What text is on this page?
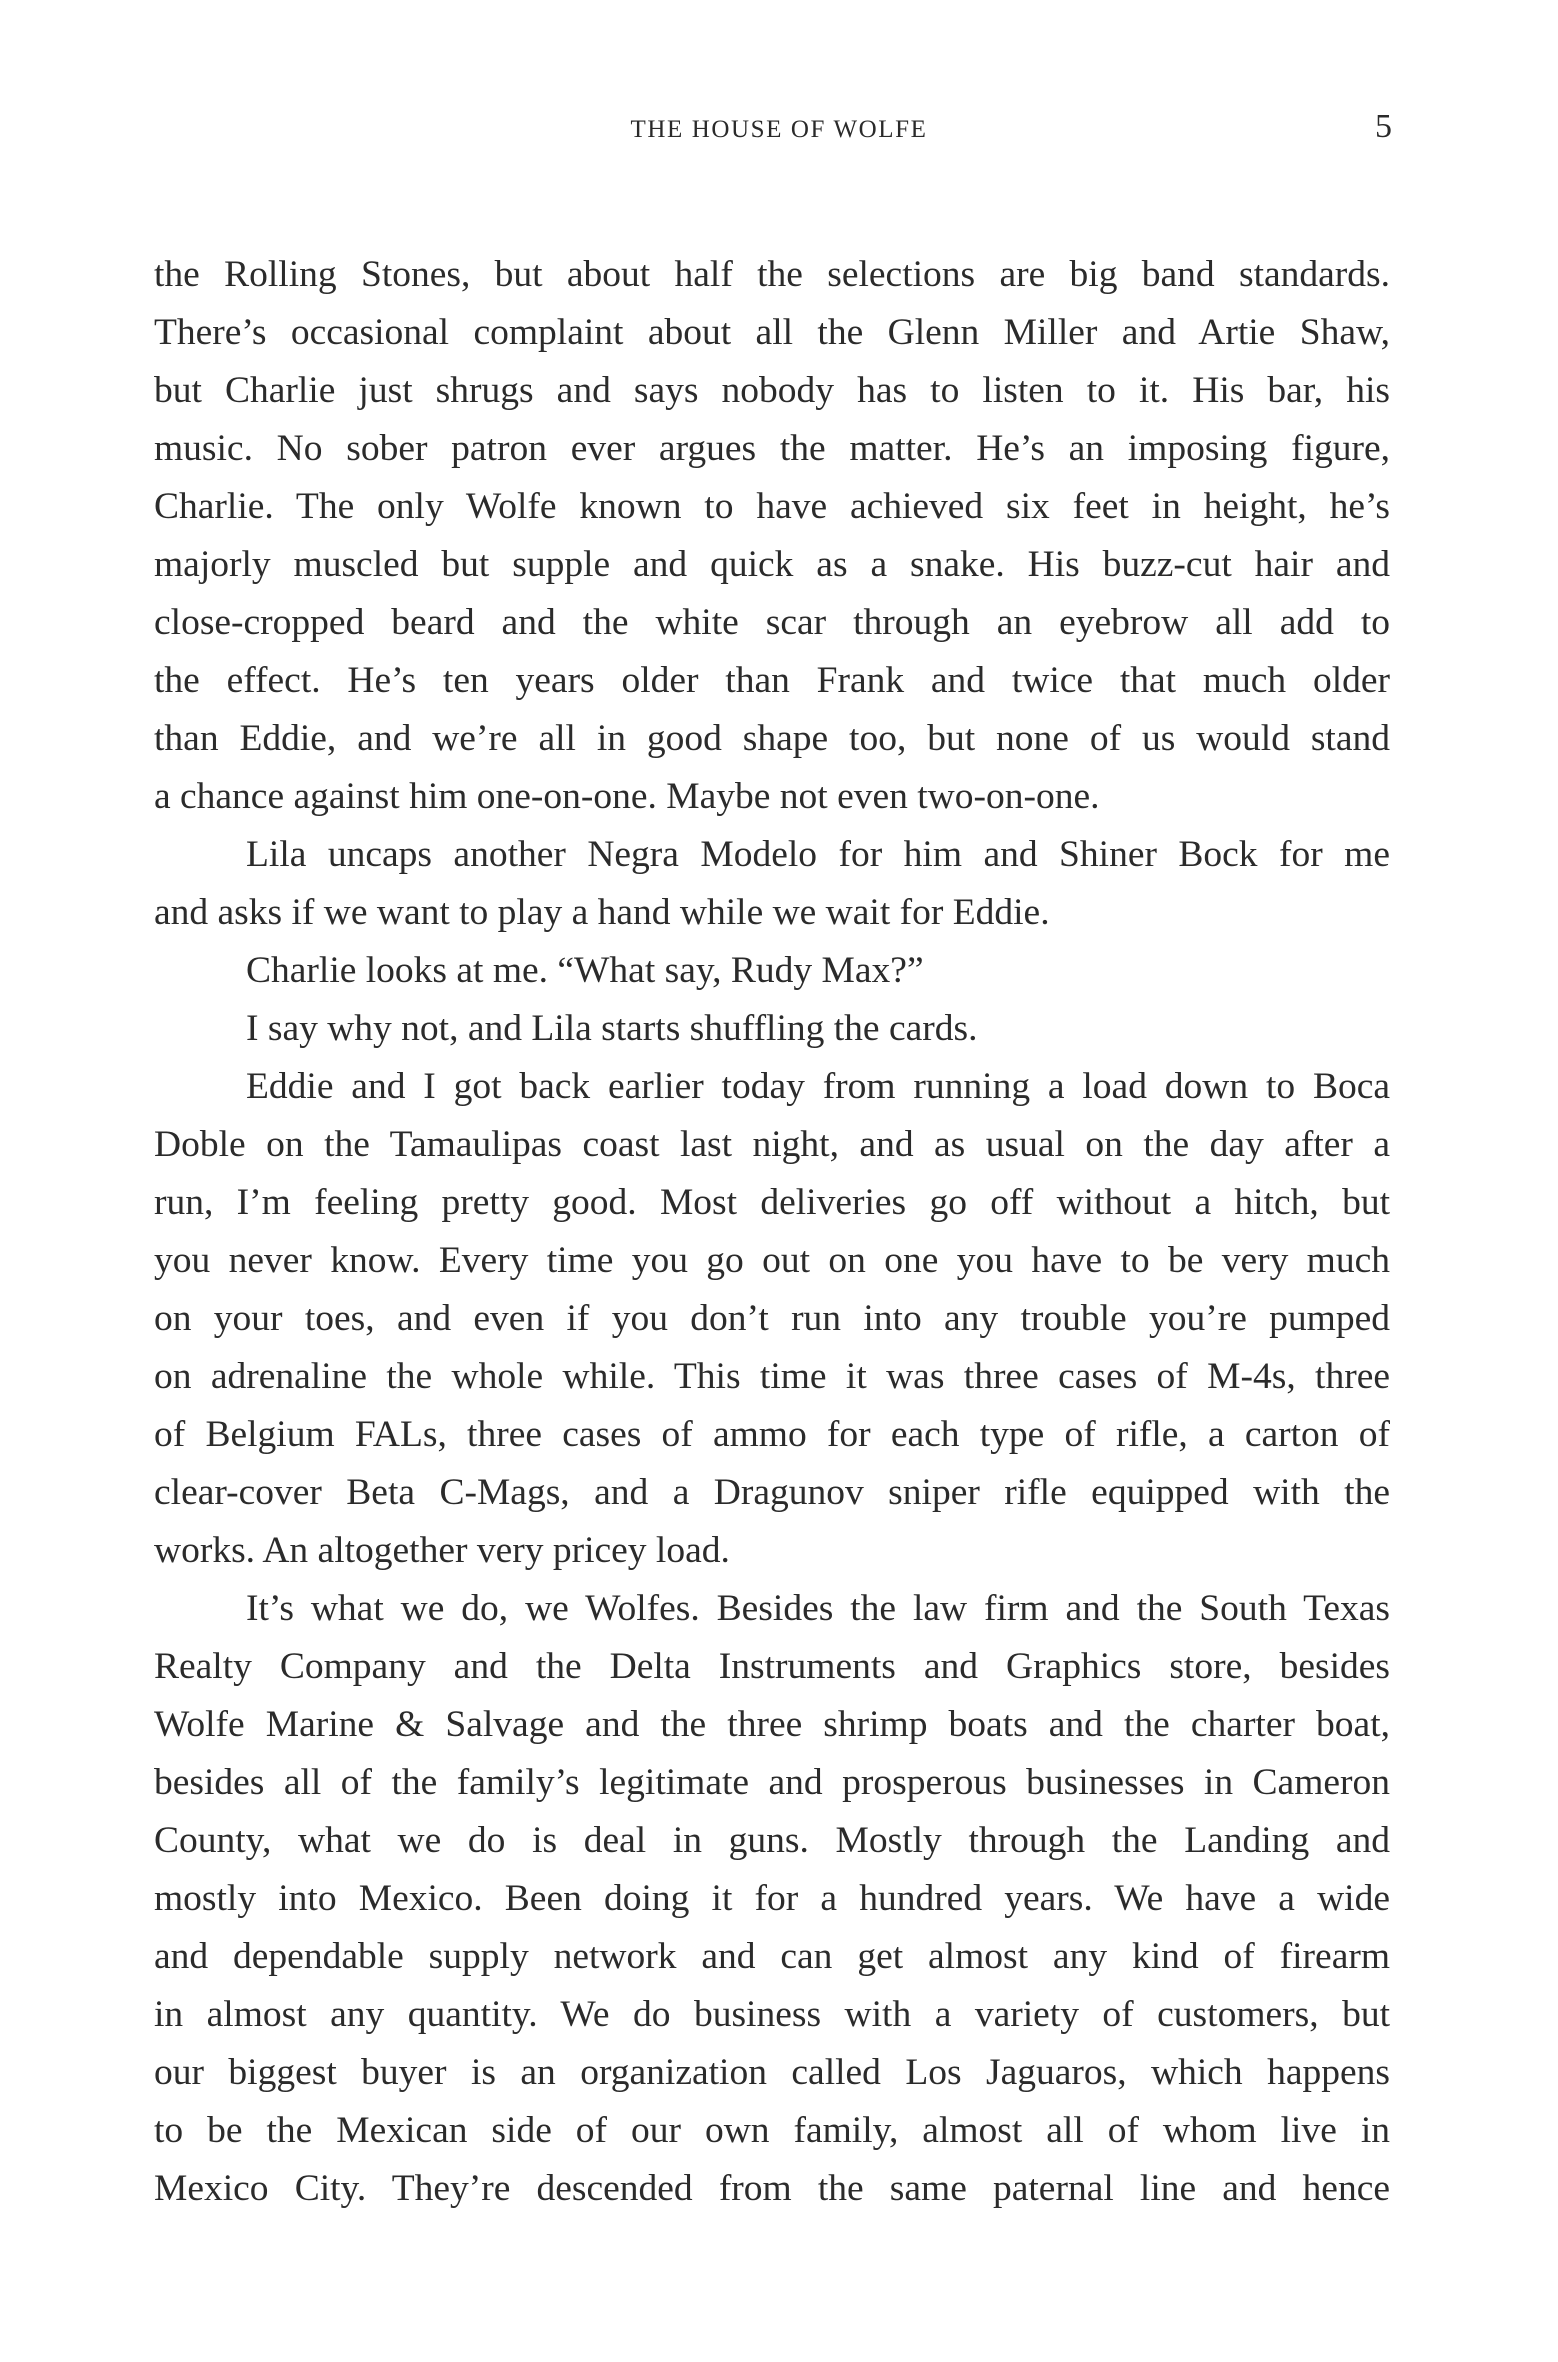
THE HOUSE OF WOLFE	5
the Rolling Stones, but about half the selections are big band standards.
There’s occasional complaint about all the Glenn Miller and Artie Shaw,
but Charlie just shrugs and says nobody has to listen to it. His bar, his
music. No sober patron ever argues the matter. He’s an imposing figure,
Charlie. The only Wolfe known to have achieved six feet in height, he’s
majorly muscled but supple and quick as a snake. His buzz-cut hair and
close-cropped beard and the white scar through an eyebrow all add to
the effect. He’s ten years older than Frank and twice that much older
than Eddie, and we’re all in good shape too, but none of us would stand
a chance against him one-on-one. Maybe not even two-on-one.
Lila uncaps another Negra Modelo for him and Shiner Bock for me
and asks if we want to play a hand while we wait for Eddie.
Charlie looks at me. “What say, Rudy Max?”
I say why not, and Lila starts shuffling the cards.
Eddie and I got back earlier today from running a load down to Boca
Doble on the Tamaulipas coast last night, and as usual on the day after a
run, I’m feeling pretty good. Most deliveries go off without a hitch, but
you never know. Every time you go out on one you have to be very much
on your toes, and even if you don’t run into any trouble you’re pumped
on adrenaline the whole while. This time it was three cases of M-4s, three
of Belgium FALs, three cases of ammo for each type of rifle, a carton of
clear-cover Beta C-Mags, and a Dragunov sniper rifle equipped with the
works. An altogether very pricey load.
It’s what we do, we Wolfes. Besides the law firm and the South Texas
Realty Company and the Delta Instruments and Graphics store, besides
Wolfe Marine & Salvage and the three shrimp boats and the charter boat,
besides all of the family’s legitimate and prosperous businesses in Cameron
County, what we do is deal in guns. Mostly through the Landing and
mostly into Mexico. Been doing it for a hundred years. We have a wide
and dependable supply network and can get almost any kind of firearm
in almost any quantity. We do business with a variety of customers, but
our biggest buyer is an organization called Los Jaguaros, which happens
to be the Mexican side of our own family, almost all of whom live in
Mexico City. They’re descended from the same paternal line and hence
